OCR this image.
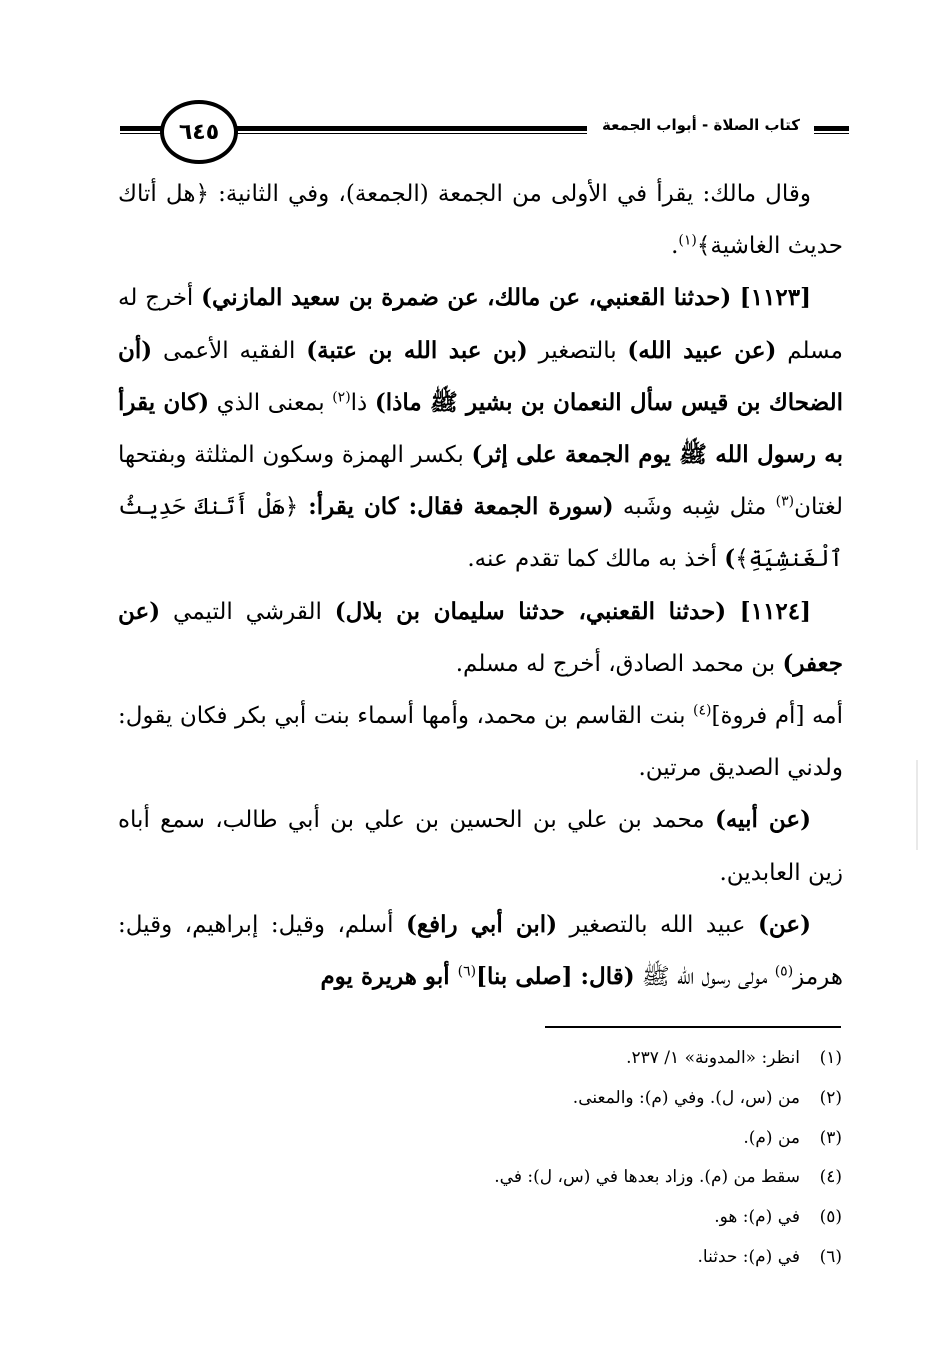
٦٤٥	كتاب الصلاة - أبواب الجمعة

وقال مالك: يقرأ في الأولى من الجمعة (الجمعة)، وفي الثانية: ﴿هل أتاك حديث الغاشية﴾$^{(١)}$.

[١١٢٣] (حدثنا القعنبي، عن مالك، عن ضمرة بن سعيد المازني) أخرج له مسلم (عن عبيد الله) بالتصغير (بن عبد الله بن عتبة) الفقيه الأعمى (أن الضحاك بن قيس سأل النعمان بن بشير ﷺ ماذا) ذا$^{(٢)}$ بمعنى الذي (كان يقرأ به رسول الله ﷺ يوم الجمعة على إثر) بكسر الهمزة وسكون المثلثة وبفتحها لغتان$^{(٣)}$ مثل شِبه وشَبه (سورة الجمعة فقال: كان يقرأ: ﴿هَلْ أَتَنكَ حَدِيثُ ٱلْغَنشِيَةِ﴾) أخذ به مالك كما تقدم عنه.

[١١٢٤] (حدثنا القعنبي، حدثنا سليمان بن بلال) القرشي التيمي (عن جعفر) بن محمد الصادق، أخرج له مسلم.

أمه [أم فروة]$^{(٤)}$ بنت القاسم بن محمد، وأمها أسماء بنت أبي بكر فكان يقول: ولدني الصديق مرتين.

(عن أبيه) محمد بن علي بن الحسين بن علي بن أبي طالب، سمع أباه زين العابدين.

(عن) عبيد الله بالتصغير (ابن أبي رافع) أسلم، وقيل: إبراهيم، وقيل: هرمز$^{(٥)}$ مولى رسول الله ﷺ (قال: [صلى بنا]$^{(٦)}$ أبو هريرة يوم

(١)
انظر: «المدونة» ١/ ٢٣٧.
(٢)
من (س، ل). وفي (م): والمعنى.
(٣)
من (م).
(٤)
سقط من (م). وزاد بعدها في (س، ل): في.
(٥)
في (م): هو.
(٦)
في (م): حدثنا.
